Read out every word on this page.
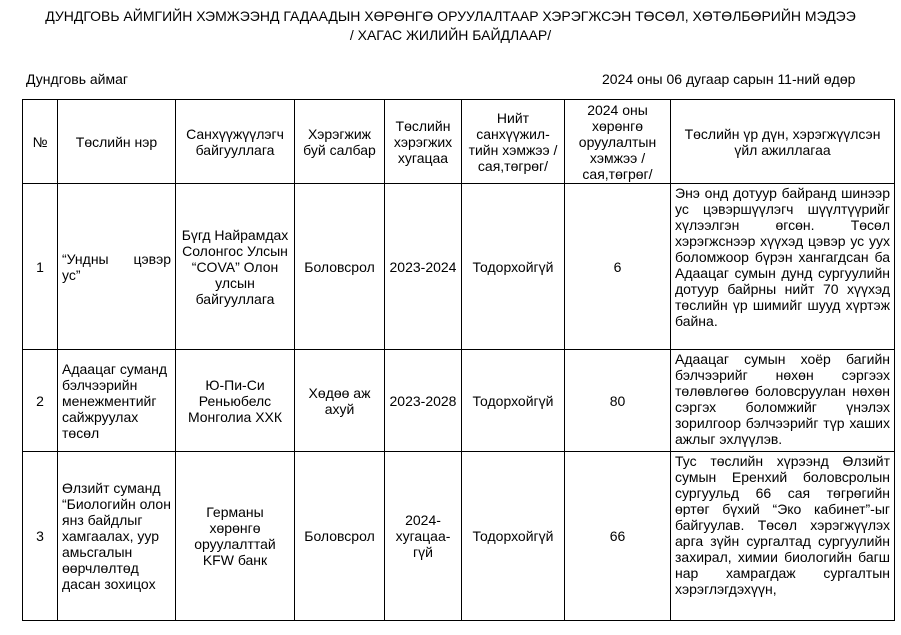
ДУНДГОВЬ АЙМГИЙН ХЭМЖЭЭНД ГАДААДЫН ХӨРӨНГӨ ОРУУЛАЛТААР ХЭРЭГЖСЭН ТӨСӨЛ, ХӨТӨЛБӨРИЙН МЭДЭЭ
/ ХАГАС ЖИЛИЙН БАЙДЛААР/
Дундговь аймаг	2024 оны 06 дугаар сарын 11-ний өдөр
№	Төслийн нэр	Санхүүжүүлэгч байгууллага	Хэрэгжиж буй салбар	Төслийн хэрэгжих хугацаа	Нийт санхүүжил-тийн хэмжээ /сая,төгрөг/	2024 оны хөрөнгө оруулалтын хэмжээ /сая,төгрөг/	Төслийн үр дүн, хэрэгжүүлсэн үйл ажиллагаа
1	“Ундны цэвэр ус”	Бүгд Найрамдах Солонгос Улсын “COVA” Олон улсын байгууллага	Боловсрол	2023-2024	Тодорхойгүй	6	Энэ онд дотуур байранд шинээр ус цэвэршүүлэгч шүүлтүүрийг хүлээлгэн өгсөн. Төсөл хэрэгжснээр хүүхэд цэвэр ус уух боломжоор бүрэн хангагдсан ба Адаацаг сумын дунд сургуулийн дотуур байрны нийт 70 хүүхэд төслийн үр шимийг шууд хүртэж байна.

2	Адаацаг суманд бэлчээрийн менежментийг сайжруулах төсөл	Ю-Пи-Си Реньюбелс Монголиа ХХК	Хөдөө аж ахуй	2023-2028	Тодорхойгүй	80	Адаацаг сумын хоёр багийн бэлчээрийг нөхөн сэргээх төлөвлөгөө боловсруулан нөхөн сэргэх боломжийг үнэлэх зорилгоор бэлчээрийг түр хаших ажлыг эхлүүлэв.

3	Өлзийт суманд “Биологийн олон янз байдлыг хамгаалах, уур амьсгалын өөрчлөлтөд дасан зохицох	Германы хөрөнгө оруулалттай KFW банк	Боловсрол	2024-хугацаа-гүй	Тодорхойгүй	66	Тус төслийн хүрээнд Өлзийт сумын Еренхий боловсролын сургуульд 66 сая төгрөгийн өртөг бүхий “Эко кабинет”-ыг байгуулав. Төсөл хэрэгжүүлэх арга зүйн сургалтад сургуулийн захирал, химии биологийн багш нар хамрагдаж сургалтын хэрэглэгдэхүүн,
